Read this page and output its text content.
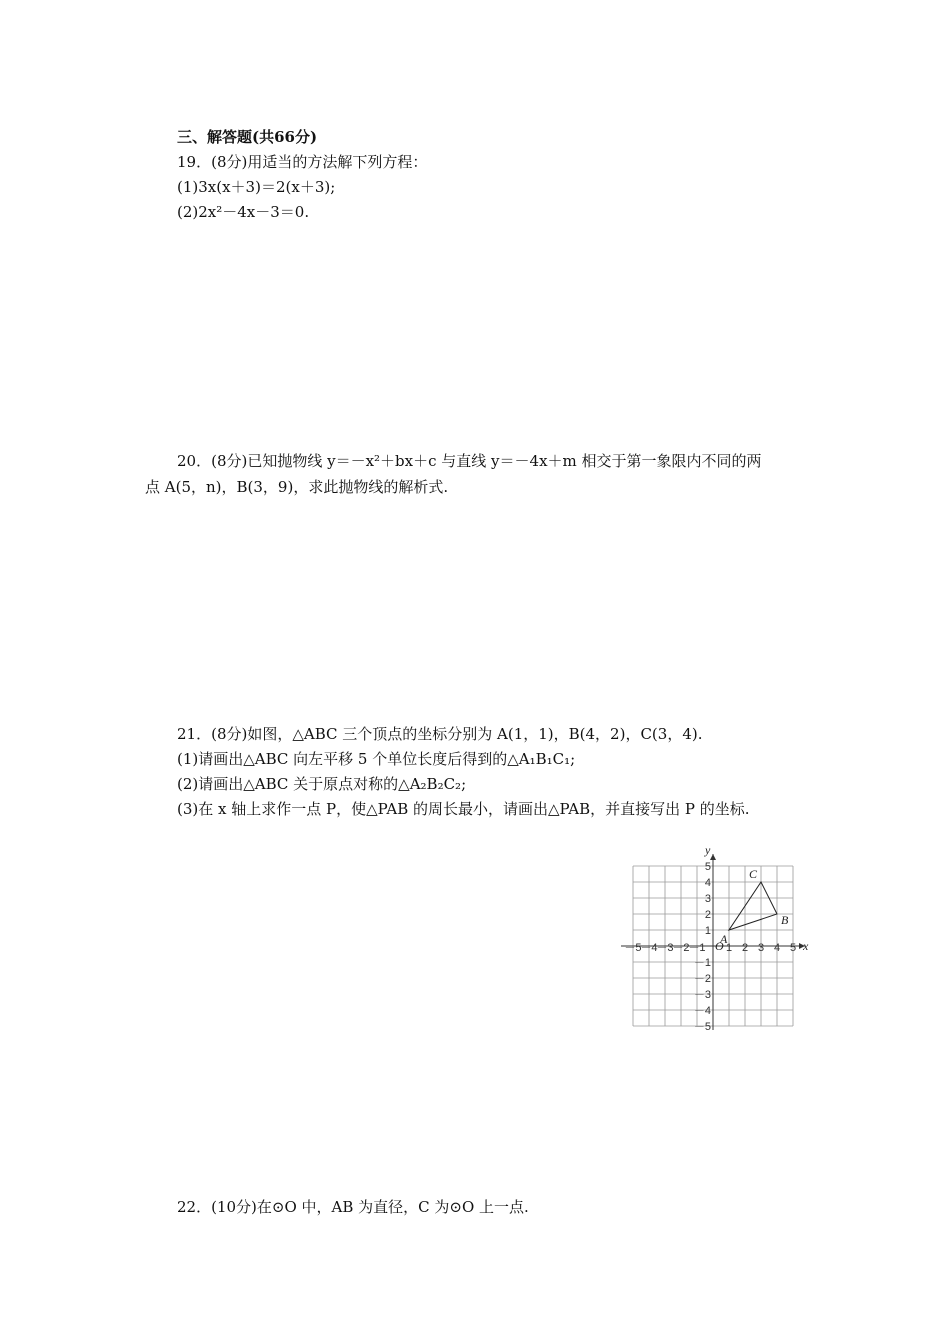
三、解答题(共66分)
19．(8分)用适当的方法解下列方程：
(1)3x(x＋3)＝2(x＋3);
(2)2x²－4x－3＝0.
20．(8分)已知抛物线 y＝－x²＋bx＋c 与直线 y＝－4x＋m 相交于第一象限内不同的两
点 A(5，n)，B(3，9)，求此抛物线的解析式.
21．(8分)如图，△ABC 三个顶点的坐标分别为 A(1，1)，B(4，2)，C(3，4).
(1)请画出△ABC 向左平移 5 个单位长度后得到的△A₁B₁C₁;
(2)请画出△ABC 关于原点对称的△A₂B₂C₂;
(3)在 x 轴上求作一点 P，使△PAB 的周长最小，请画出△PAB，并直接写出 P 的坐标.
x
y
O
－5
－4
－3
－2
－1 1 2 3 4 5
5
4
3
2
1
－1
－2
－3
－4
－5
A
B
C
22．(10分)在⊙O 中，AB 为直径，C 为⊙O 上一点.
